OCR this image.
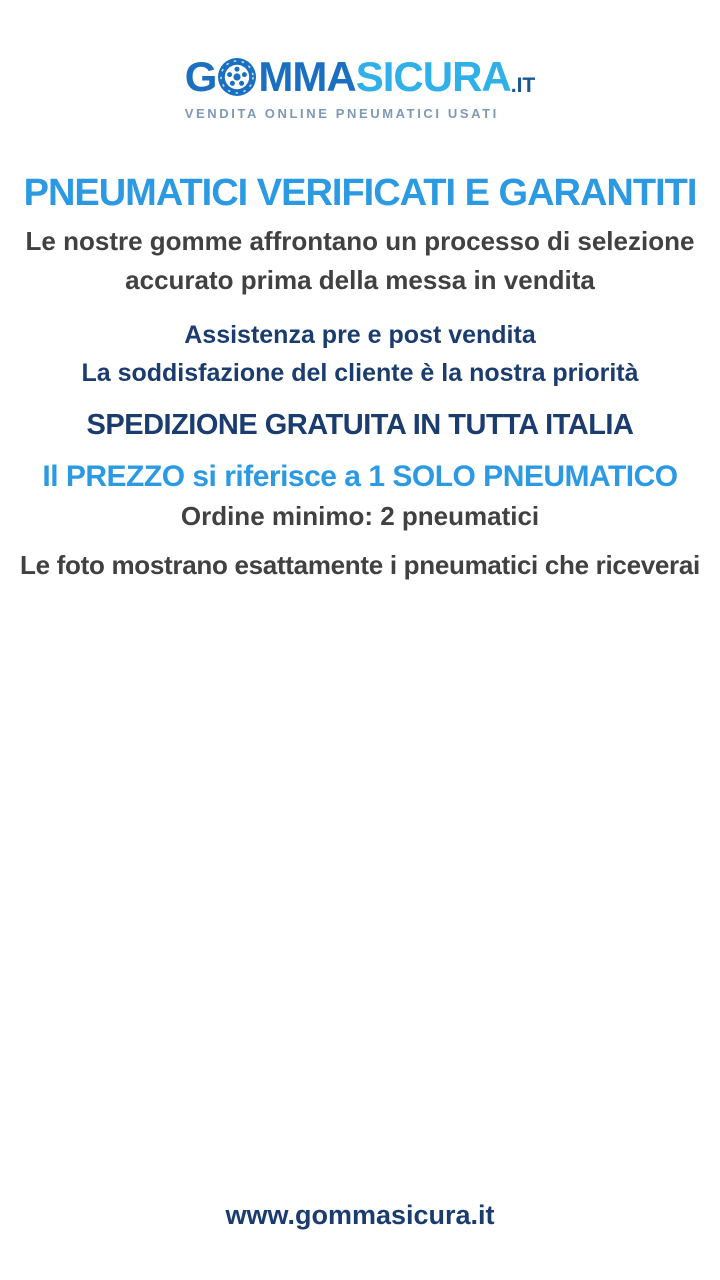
G MMA SICURA .IT
VENDITA ONLINE PNEUMATICI USATI
PNEUMATICI VERIFICATI E GARANTITI
Le nostre gomme affrontano un processo di selezione
accurato prima della messa in vendita
Assistenza pre e post vendita
La soddisfazione del cliente è la nostra priorità
SPEDIZIONE GRATUITA IN TUTTA ITALIA
Il PREZZO si riferisce a 1 SOLO PNEUMATICO
Ordine minimo: 2 pneumatici
Le foto mostrano esattamente i pneumatici che riceverai
www.gommasicura.it
